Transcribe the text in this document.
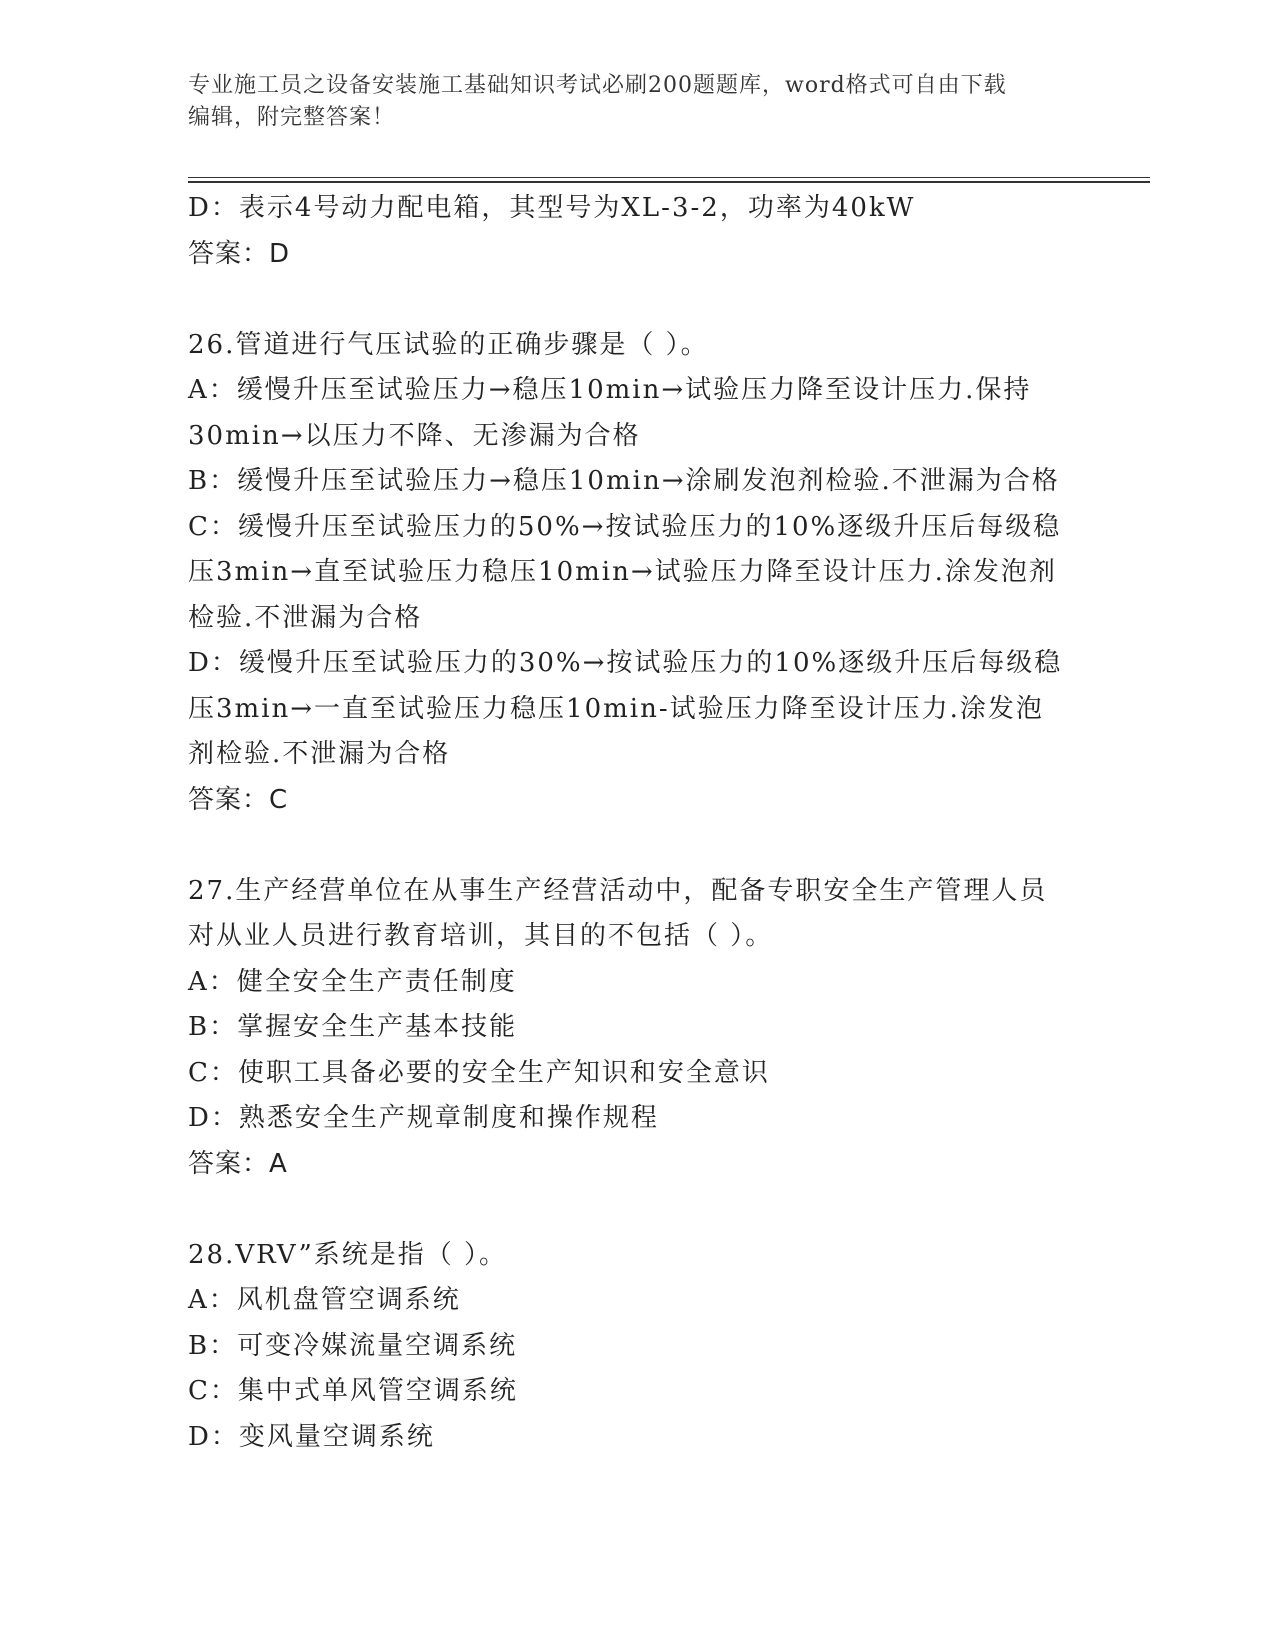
专业施工员之设备安装施工基础知识考试必刷200题题库，word格式可自由下载
编辑，附完整答案！
D：表示4号动力配电箱，其型号为XL-3-2，功率为40kW
答案：D
26.管道进行气压试验的正确步骤是（ ）。
A：缓慢升压至试验压力→稳压10min→试验压力降至设计压力.保持
30min→以压力不降、无渗漏为合格
B：缓慢升压至试验压力→稳压10min→涂刷发泡剂检验.不泄漏为合格
C：缓慢升压至试验压力的50%→按试验压力的10%逐级升压后每级稳
压3min→直至试验压力稳压10min→试验压力降至设计压力.涂发泡剂
检验.不泄漏为合格
D：缓慢升压至试验压力的30%→按试验压力的10%逐级升压后每级稳
压3min→一直至试验压力稳压10min-试验压力降至设计压力.涂发泡
剂检验.不泄漏为合格
答案：C
27.生产经营单位在从事生产经营活动中，配备专职安全生产管理人员
对从业人员进行教育培训，其目的不包括（ ）。
A：健全安全生产责任制度
B：掌握安全生产基本技能
C：使职工具备必要的安全生产知识和安全意识
D：熟悉安全生产规章制度和操作规程
答案：A
28.VRV”系统是指（ ）。
A：风机盘管空调系统
B：可变冷媒流量空调系统
C：集中式单风管空调系统
D：变风量空调系统
